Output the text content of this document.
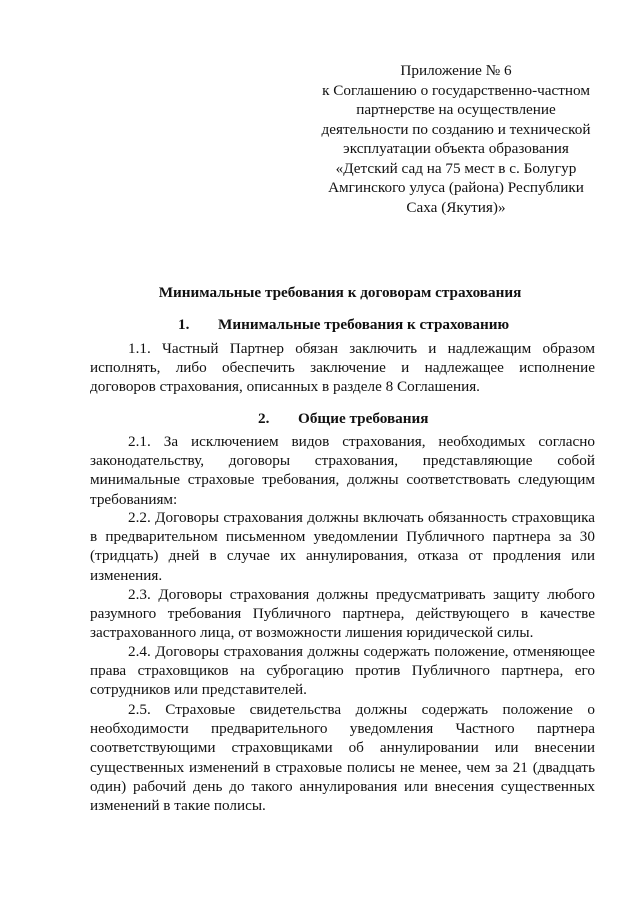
Приложение № 6
к Соглашению о государственно-частном
партнерстве на осуществление
деятельности по созданию и технической
эксплуатации объекта образования
«Детский сад на 75 мест в с. Болугур
Амгинского улуса (района) Республики
Саха (Якутия)»
Минимальные требования к договорам страхования
1. Минимальные требования к страхованию

1.1. Частный Партнер обязан заключить и надлежащим образом исполнять, либо обеспечить заключение и надлежащее исполнение договоров страхования, описанных в разделе 8 Соглашения.

2. Общие требования

2.1. За исключением видов страхования, необходимых согласно законодательству, договоры страхования, представляющие собой минимальные страховые требования, должны соответствовать следующим требованиям:

2.2. Договоры страхования должны включать обязанность страховщика в предварительном письменном уведомлении Публичного партнера за 30 (тридцать) дней в случае их аннулирования, отказа от продления или изменения.

2.3. Договоры страхования должны предусматривать защиту любого разумного требования Публичного партнера, действующего в качестве застрахованного лица, от возможности лишения юридической силы.

2.4. Договоры страхования должны содержать положение, отменяющее права страховщиков на суброгацию против Публичного партнера, его сотрудников или представителей.

2.5. Страховые свидетельства должны содержать положение о необходимости предварительного уведомления Частного партнера соответствующими страховщиками об аннулировании или внесении существенных изменений в страховые полисы не менее, чем за 21 (двадцать один) рабочий день до такого аннулирования или внесения существенных изменений в такие полисы.
